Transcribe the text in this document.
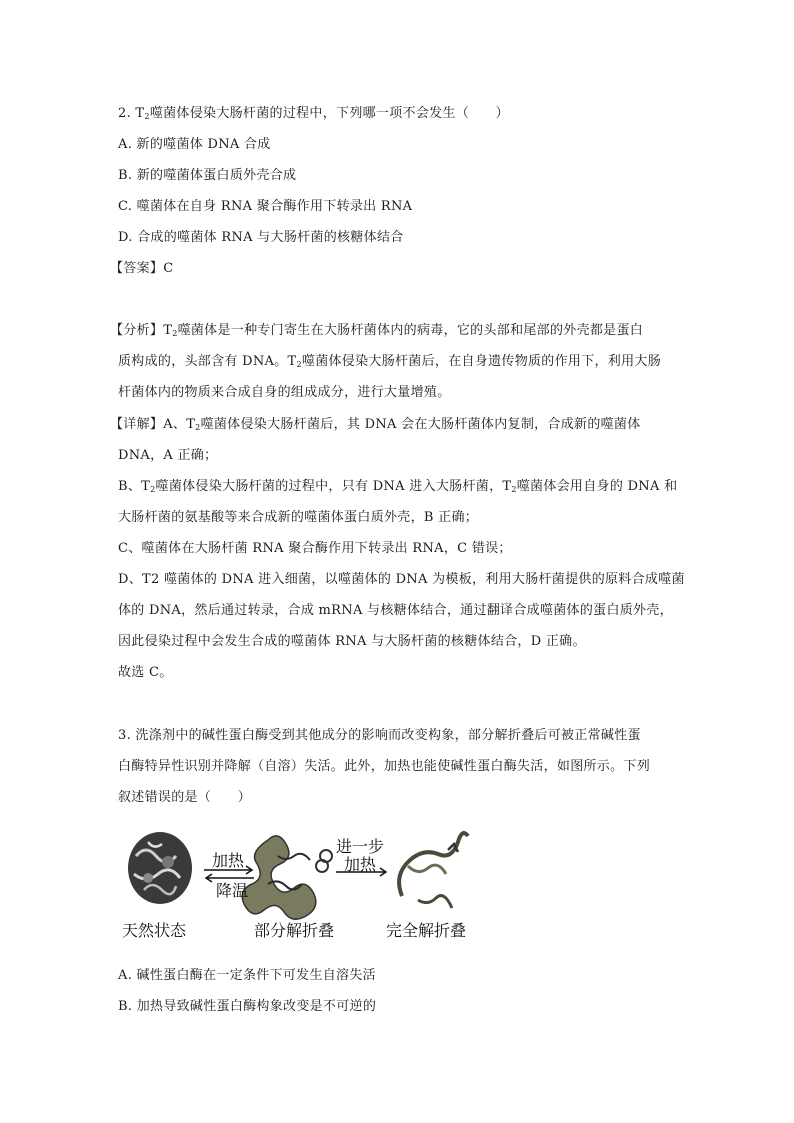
2. $T_2$噬菌体侵染大肠杆菌的过程中，下列哪一项不会发生（　　）
A. 新的噬菌体 DNA 合成
B. 新的噬菌体蛋白质外壳合成
C. 噬菌体在自身 RNA 聚合酶作用下转录出 RNA
D. 合成的噬菌体 RNA 与大肠杆菌的核糖体结合
【答案】C
【分析】$T_2$噬菌体是一种专门寄生在大肠杆菌体内的病毒，它的头部和尾部的外壳都是蛋白
质构成的，头部含有 DNA。$T_2$噬菌体侵染大肠杆菌后，在自身遗传物质的作用下，利用大肠
杆菌体内的物质来合成自身的组成成分，进行大量增殖。
【详解】A、$T_2$噬菌体侵染大肠杆菌后，其 DNA 会在大肠杆菌体内复制，合成新的噬菌体
DNA，A 正确；
B、$T_2$噬菌体侵染大肠杆菌的过程中，只有 DNA 进入大肠杆菌，$T_2$噬菌体会用自身的 DNA 和
大肠杆菌的氨基酸等来合成新的噬菌体蛋白质外壳，B 正确；
C、噬菌体在大肠杆菌 RNA 聚合酶作用下转录出 RNA，C 错误；
D、T2 噬菌体的 DNA 进入细菌，以噬菌体的 DNA 为模板，利用大肠杆菌提供的原料合成噬菌
体的 DNA，然后通过转录，合成 mRNA 与核糖体结合，通过翻译合成噬菌体的蛋白质外壳，
因此侵染过程中会发生合成的噬菌体 RNA 与大肠杆菌的核糖体结合，D 正确。
故选 C。
3. 洗涤剂中的碱性蛋白酶受到其他成分的影响而改变构象，部分解折叠后可被正常碱性蛋
白酶特异性识别并降解（自溶）失活。此外，加热也能使碱性蛋白酶失活，如图所示。下列
叙述错误的是（　　）
加热
降温
进一步
加热
天然状态	部分解折叠	完全解折叠
A. 碱性蛋白酶在一定条件下可发生自溶失活
B. 加热导致碱性蛋白酶构象改变是不可逆的
